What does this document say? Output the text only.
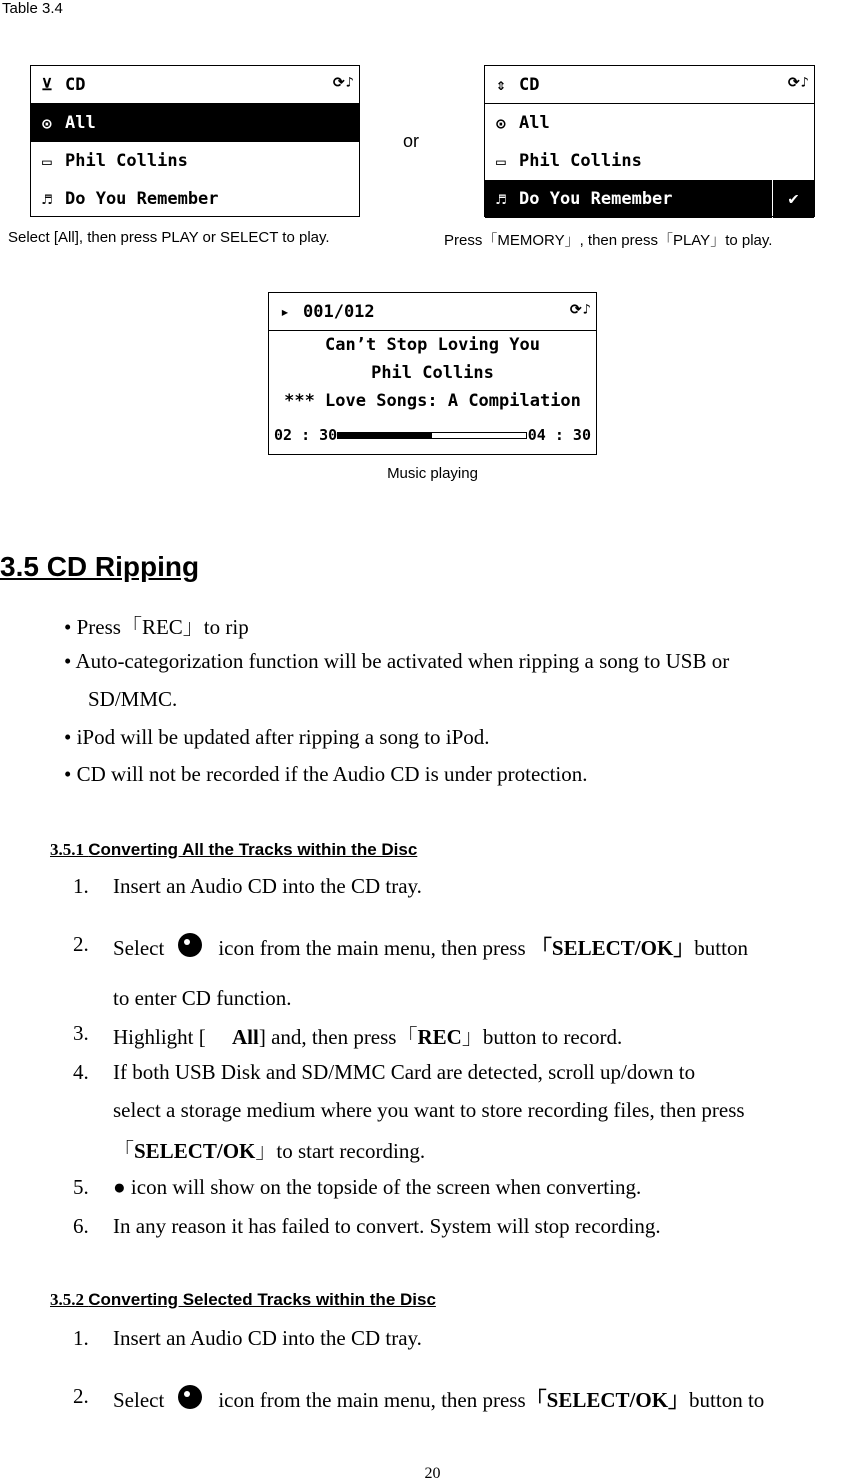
Table 3.4
⊻ CD	⟳♪
⊙ All
▭ Phil Collins
♬ Do You Remember
or
Select [All], then press PLAY or SELECT to play.
⇕ CD	⟳♪
⊙ All
▭ Phil Collins
♬ Do You Remember	✔
Press「MEMORY」, then press「PLAY」to play.
▸ 001/012	⟳♪
Can’t Stop Loving You
Phil Collins
*** Love Songs: A Compilation
02 : 30	04 : 30
Music playing
3.5 CD Ripping
• Press「REC」to rip
• Auto-categorization function will be activated when ripping a song to USB or
SD/MMC.
• iPod will be updated after ripping a song to iPod.
• CD will not be recorded if the Audio CD is under protection.
3.5.1 Converting All the Tracks within the Disc
1. Insert an Audio CD into the CD tray.
2. Select	icon from the main menu, then press 「SELECT/OK」button
to enter CD function.
3. Highlight [ All] and, then press「REC」button to record.
4. If both USB Disk and SD/MMC Card are detected, scroll up/down to
select a storage medium where you want to store recording files, then press
「SELECT/OK」to start recording.
5. ● icon will show on the topside of the screen when converting.
6. In any reason it has failed to convert. System will stop recording.
3.5.2 Converting Selected Tracks within the Disc
1. Insert an Audio CD into the CD tray.
2. Select	icon from the main menu, then press「SELECT/OK」button to
20
